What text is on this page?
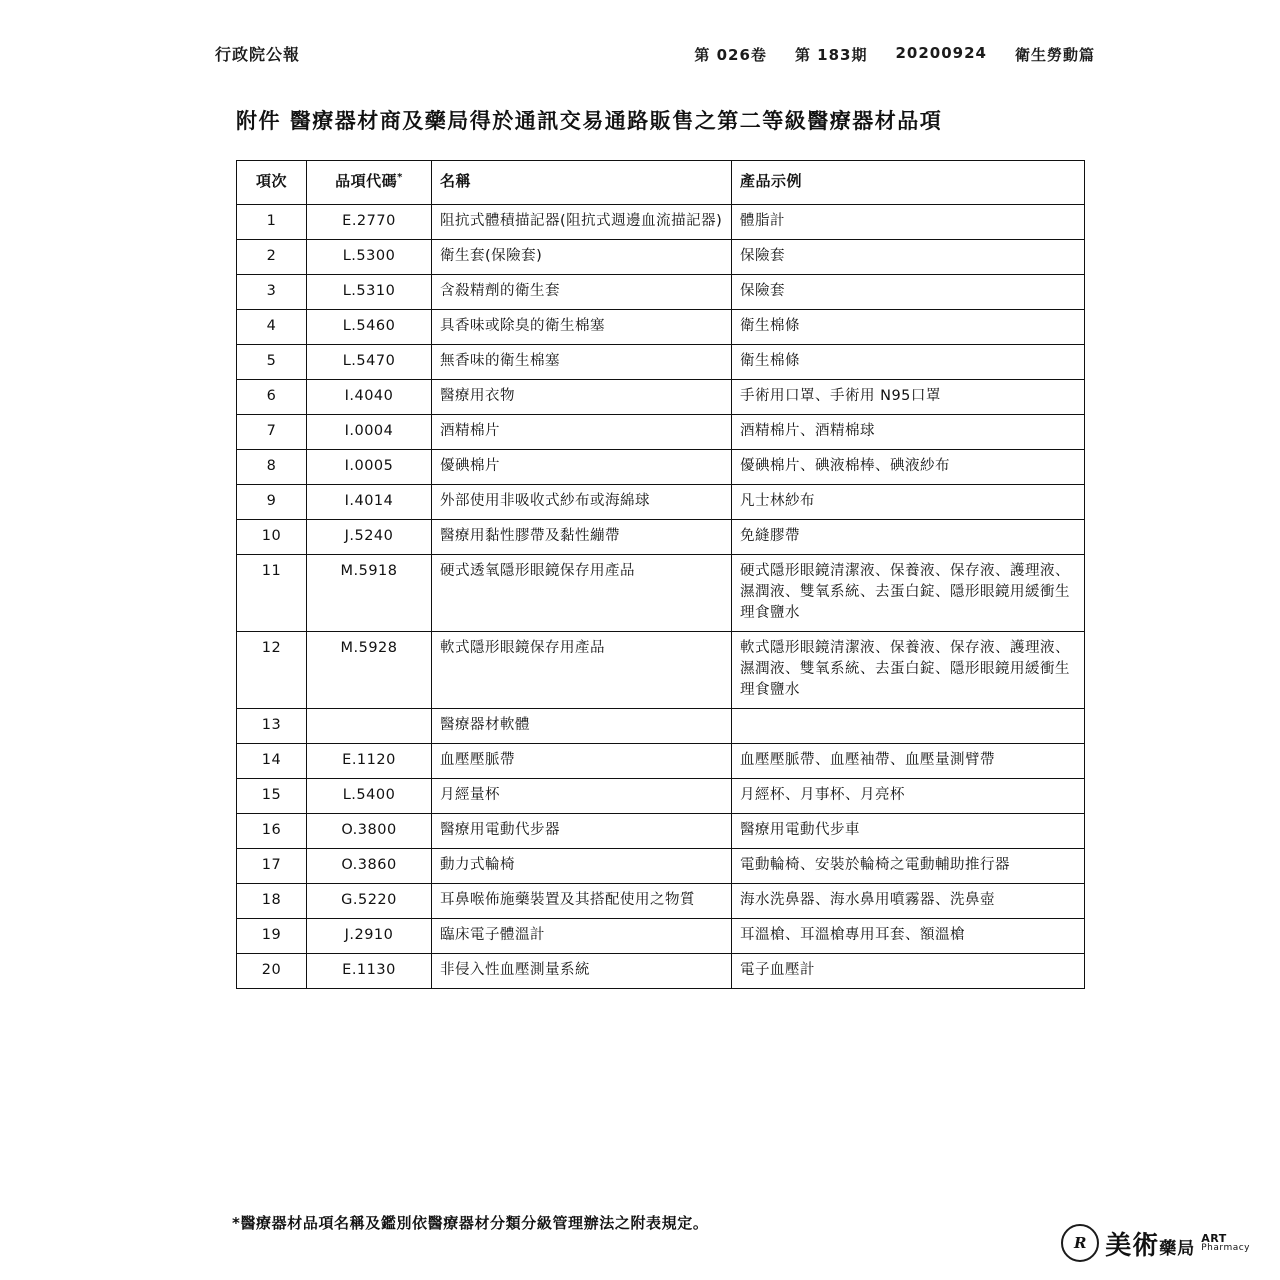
行政院公報	第 026卷 第 183期 20200924 衛生勞動篇
附件 醫療器材商及藥局得於通訊交易通路販售之第二等級醫療器材品項
項次	品項代碼*	名稱	產品示例
1	E.2770	阻抗式體積描記器(阻抗式週邊血流描記器)	體脂計
2	L.5300	衛生套(保險套)	保險套
3	L.5310	含殺精劑的衛生套	保險套
4	L.5460	具香味或除臭的衛生棉塞	衛生棉條
5	L.5470	無香味的衛生棉塞	衛生棉條
6	I.4040	醫療用衣物	手術用口罩、手術用 N95口罩
7	I.0004	酒精棉片	酒精棉片、酒精棉球
8	I.0005	優碘棉片	優碘棉片、碘液棉棒、碘液紗布
9	I.4014	外部使用非吸收式紗布或海綿球	凡士林紗布
10	J.5240	醫療用黏性膠帶及黏性繃帶	免縫膠帶
11	M.5918	硬式透氧隱形眼鏡保存用產品	硬式隱形眼鏡清潔液、保養液、保存液、護理液、濕潤液、雙氧系統、去蛋白錠、隱形眼鏡用緩衝生理食鹽水
12	M.5928	軟式隱形眼鏡保存用產品	軟式隱形眼鏡清潔液、保養液、保存液、護理液、濕潤液、雙氧系統、去蛋白錠、隱形眼鏡用緩衝生理食鹽水
13		醫療器材軟體	
14	E.1120	血壓壓脈帶	血壓壓脈帶、血壓袖帶、血壓量測臂帶
15	L.5400	月經量杯	月經杯、月事杯、月亮杯
16	O.3800	醫療用電動代步器	醫療用電動代步車
17	O.3860	動力式輪椅	電動輪椅、安裝於輪椅之電動輔助推行器
18	G.5220	耳鼻喉佈施藥裝置及其搭配使用之物質	海水洗鼻器、海水鼻用噴霧器、洗鼻壺
19	J.2910	臨床電子體溫計	耳溫槍、耳溫槍專用耳套、額溫槍
20	E.1130	非侵入性血壓測量系統	電子血壓計
*醫療器材品項名稱及鑑別依醫療器材分類分級管理辦法之附表規定。
R 美術藥局
ART
Pharmacy
